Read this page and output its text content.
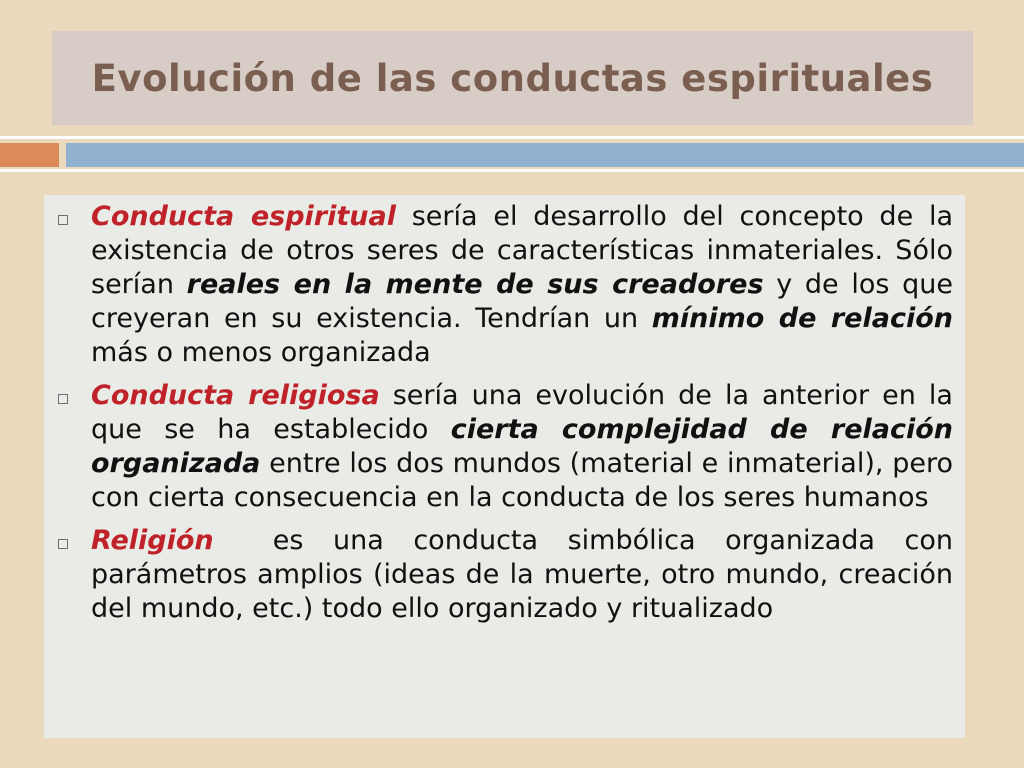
Evolución de las conductas espirituales
Conducta espiritual sería el desarrollo del concepto de la existencia de otros seres de características inmateriales. Sólo serían reales en la mente de sus creadores y de los que creyeran en su existencia. Tendrían un mínimo de relación más o menos organizada
Conducta religiosa sería una evolución de la anterior en la que se ha establecido cierta complejidad de relación organizada entre los dos mundos (material e inmaterial), pero con cierta consecuencia en la conducta de los seres humanos
Religión  es una conducta simbólica organizada con parámetros amplios (ideas de la muerte, otro mundo, creación del mundo, etc.) todo ello organizado y ritualizado
